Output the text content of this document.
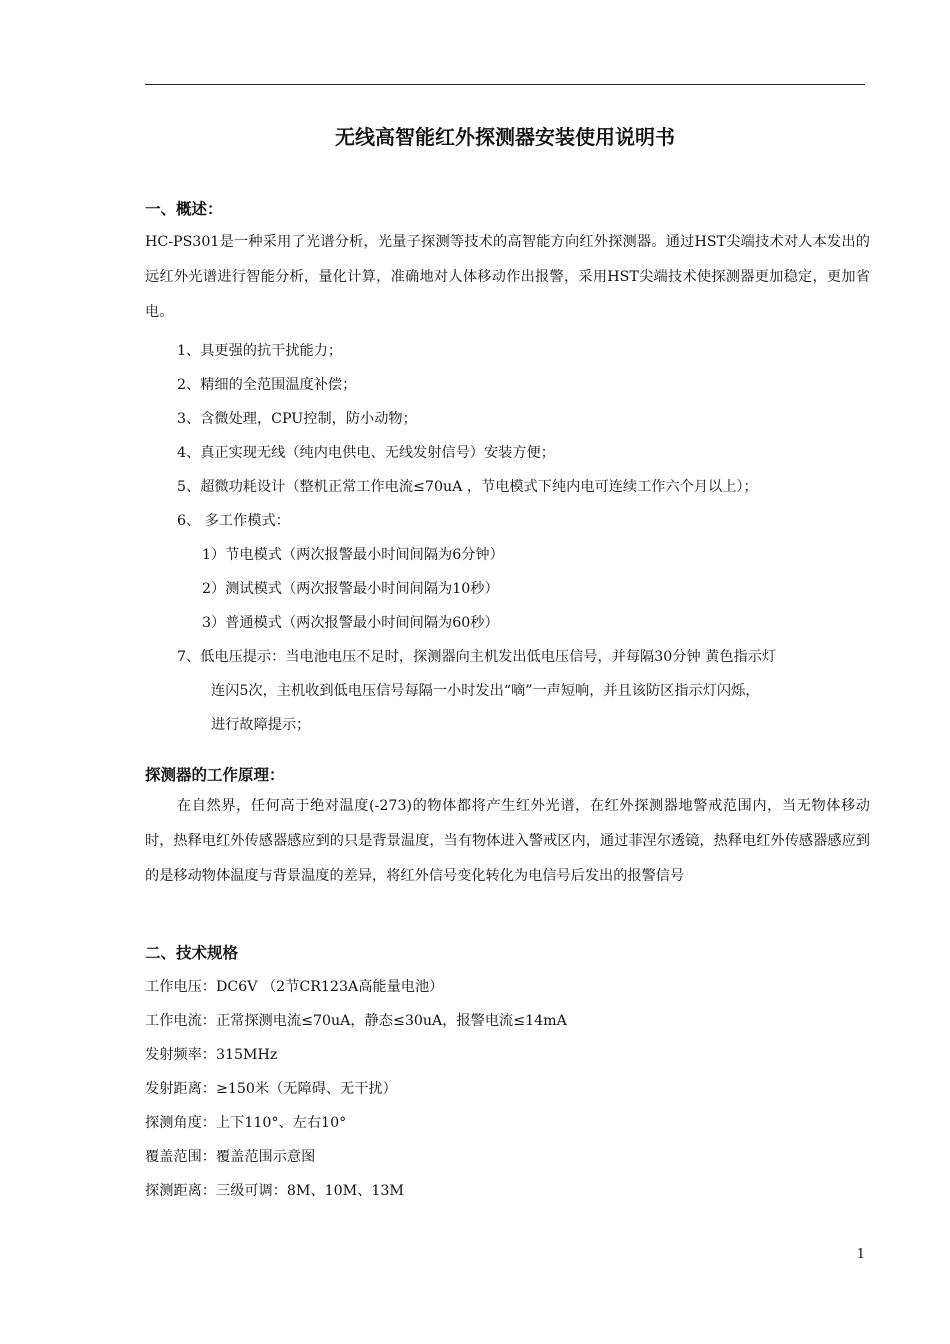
无线高智能红外探测器安装使用说明书
一、概述：
HC-PS301是一种采用了光谱分析，光量子探测等技术的高智能方向红外探测器。通过HST尖端技术对人本发出的远红外光谱进行智能分析，量化计算，准确地对人体移动作出报警，采用HST尖端技术使探测器更加稳定，更加省电。
1、具更强的抗干扰能力；
2、精细的全范围温度补偿；
3、含微处理，CPU控制，防小动物；
4、真正实现无线（纯内电供电、无线发射信号）安装方便；
5、超微功耗设计（整机正常工作电流≤70uA ，节电模式下纯内电可连续工作六个月以上）；
6、 多工作模式：
1）节电模式（两次报警最小时间间隔为6分钟）
2）测试模式（两次报警最小时间间隔为10秒）
3）普通模式（两次报警最小时间间隔为60秒）
7、低电压提示：当电池电压不足时，探测器向主机发出低电压信号，并每隔30分钟 黄色指示灯
连闪5次，主机收到低电压信号每隔一小时发出“嘀”一声短响，并且该防区指示灯闪烁，
进行故障提示；
探测器的工作原理：
在自然界，任何高于绝对温度(-273)的物体都将产生红外光谱，在红外探测器地警戒范围内，当无物体移动时，热释电红外传感器感应到的只是背景温度，当有物体进入警戒区内，通过菲涅尔透镜，热释电红外传感器感应到的是移动物体温度与背景温度的差异，将红外信号变化转化为电信号后发出的报警信号
二、技术规格
工作电压：DC6V （2节CR123A高能量电池）
工作电流：正常探测电流≤70uA，静态≤30uA，报警电流≤14mA
发射频率：315MHz
发射距离：≥150米（无障碍、无干扰）
探测角度：上下110°、左右10°
覆盖范围：覆盖范围示意图
探测距离：三级可调：8M、10M、13M
1
